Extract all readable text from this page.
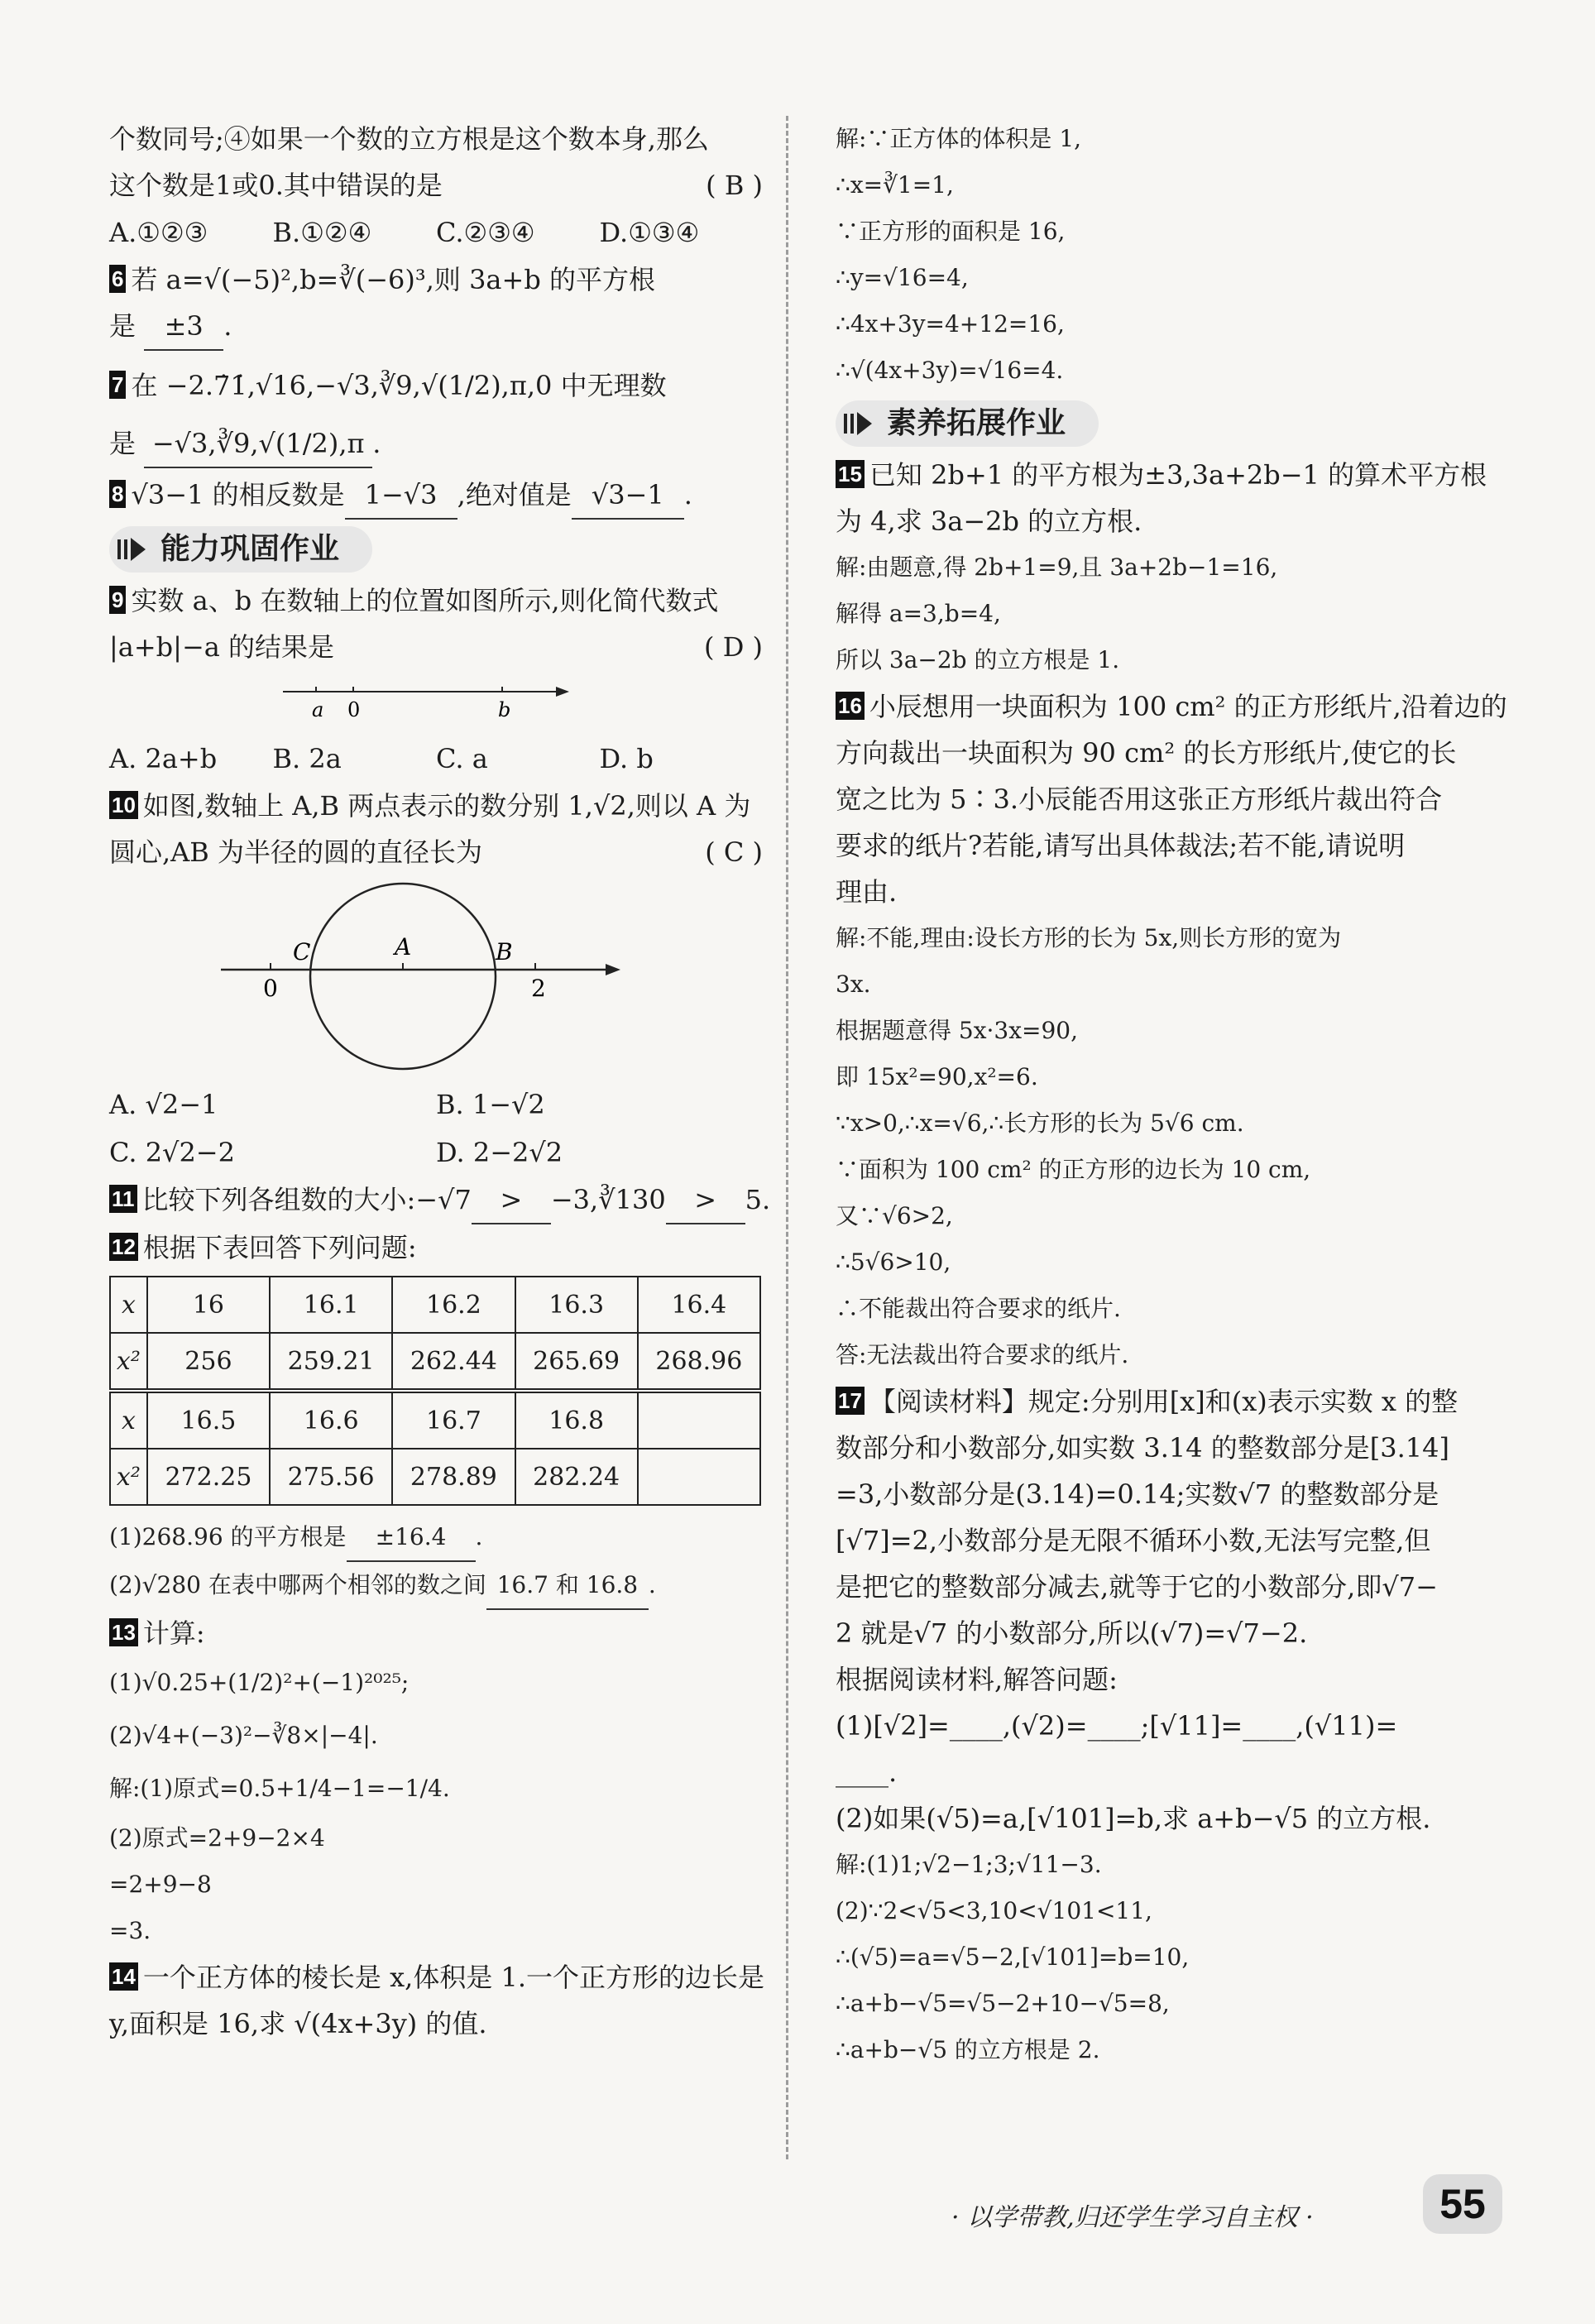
个数同号;④如果一个数的立方根是这个数本身,那么
这个数是1或0.其中错误的是	( B )
A.①②③	B.①②④	C.②③④	D.①③④
6 若 a=√(−5)²,b=∛(−6)³,则 3a+b 的平方根
是 ±3 .
7 在 −2.7̇1̇,√16,−√3,∛9,√(1/2),π,0 中无理数
是 −√3,∛9,√(1/2),π .
8 √3−1 的相反数是 1−√3 ,绝对值是 √3−1 .
能力巩固作业
9 实数 a、b 在数轴上的位置如图所示,则化简代数式
|a+b|−a 的结果是	( D )
a 0	b
A. 2a+b	B. 2a	C. a	D. b
10 如图,数轴上 A,B 两点表示的数分别 1,√2,则以 A 为
圆心,AB 为半径的圆的直径长为	( C )
C	A	B
0	2
A. √2−1	B. 1−√2
C. 2√2−2	D. 2−2√2
11 比较下列各组数的大小:−√7 > −3,∛130 > 5.
12 根据下表回答下列问题:
x	16	16.1	16.2	16.3	16.4
x²	256	259.21	262.44	265.69	268.96
x	16.5	16.6	16.7	16.8	
x²	272.25	275.56	278.89	282.24	
(1)268.96 的平方根是 ±16.4 .
(2)√280 在表中哪两个相邻的数之间 16.7 和 16.8 .
13 计算:
(1)√0.25+(1/2)²+(−1)²⁰²⁵;
(2)√4+(−3)²−∛8×|−4|.
解:(1)原式=0.5+1/4−1=−1/4.
(2)原式=2+9−2×4
=2+9−8
=3.
14 一个正方体的棱长是 x,体积是 1.一个正方形的边长是
y,面积是 16,求 √(4x+3y) 的值.
解:∵正方体的体积是 1,
∴x=∛1=1,
∵正方形的面积是 16,
∴y=√16=4,
∴4x+3y=4+12=16,
∴√(4x+3y)=√16=4.
素养拓展作业
15 已知 2b+1 的平方根为±3,3a+2b−1 的算术平方根
为 4,求 3a−2b 的立方根.
解:由题意,得 2b+1=9,且 3a+2b−1=16,
解得 a=3,b=4,
所以 3a−2b 的立方根是 1.
16 小辰想用一块面积为 100 cm² 的正方形纸片,沿着边的
方向裁出一块面积为 90 cm² 的长方形纸片,使它的长
宽之比为 5∶3.小辰能否用这张正方形纸片裁出符合
要求的纸片?若能,请写出具体裁法;若不能,请说明
理由.
解:不能,理由:设长方形的长为 5x,则长方形的宽为
3x.
根据题意得 5x·3x=90,
即 15x²=90,x²=6.
∵x>0,∴x=√6,∴长方形的长为 5√6 cm.
∵面积为 100 cm² 的正方形的边长为 10 cm,
又∵√6>2,
∴5√6>10,
∴不能裁出符合要求的纸片.
答:无法裁出符合要求的纸片.
17 【阅读材料】规定:分别用[x]和(x)表示实数 x 的整
数部分和小数部分,如实数 3.14 的整数部分是[3.14]
=3,小数部分是(3.14)=0.14;实数√7 的整数部分是
[√7]=2,小数部分是无限不循环小数,无法写完整,但
是把它的整数部分减去,就等于它的小数部分,即√7−
2 就是√7 的小数部分,所以(√7)=√7−2.
根据阅读材料,解答问题:
(1)[√2]=____,(√2)=____;[√11]=____,(√11)=
____.
(2)如果(√5)=a,[√101]=b,求 a+b−√5 的立方根.
解:(1)1;√2−1;3;√11−3.
(2)∵2<√5<3,10<√101<11,
∴(√5)=a=√5−2,[√101]=b=10,
∴a+b−√5=√5−2+10−√5=8,
∴a+b−√5 的立方根是 2.
· 以学带教,归还学生学习自主权 ·	55
